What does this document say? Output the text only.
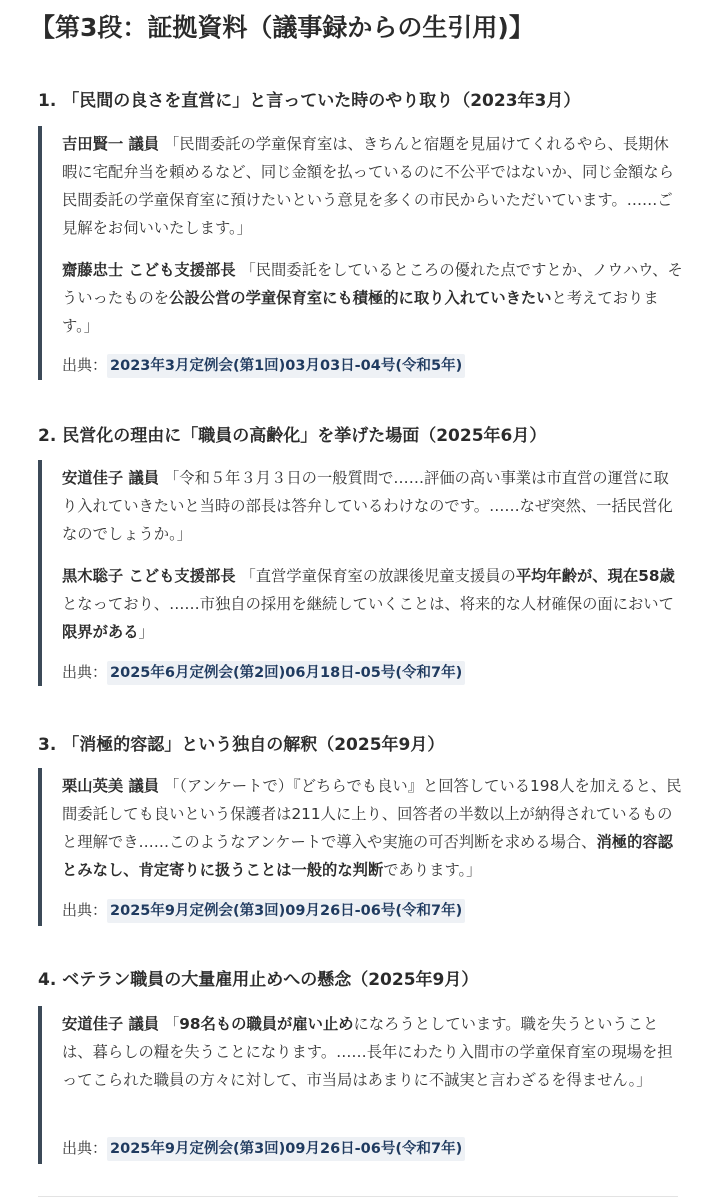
【第3段：証拠資料（議事録からの生引用)】
1. 「民間の良さを直営に」と言っていた時のやり取り（2023年3月）

吉田賢一 議員 「民間委託の学童保育室は、きちんと宿題を見届けてくれるやら、長期休暇に宅配弁当を頼めるなど、同じ金額を払っているのに不公平ではないか、同じ金額なら民間委託の学童保育室に預けたいという意見を多くの市民からいただいています。……ご見解をお伺いいたします。」

齋藤忠士 こども支援部長 「民間委託をしているところの優れた点ですとか、ノウハウ、そういったものを公設公営の学童保育室にも積極的に取り入れていきたいと考えております。」

出典： 2023年3月定例会(第1回)03月03日-04号(令和5年)
2. 民営化の理由に「職員の高齢化」を挙げた場面（2025年6月）

安道佳子 議員 「令和５年３月３日の一般質問で……評価の高い事業は市直営の運営に取り入れていきたいと当時の部長は答弁しているわけなのです。……なぜ突然、一括民営化なのでしょうか。」

黒木聡子 こども支援部長 「直営学童保育室の放課後児童支援員の平均年齢が、現在58歳となっており、……市独自の採用を継続していくことは、将来的な人材確保の面において限界がある」

出典： 2025年6月定例会(第2回)06月18日-05号(令和7年)
3. 「消極的容認」という独自の解釈（2025年9月）

栗山英美 議員 「（アンケートで）『どちらでも良い』と回答している198人を加えると、民間委託しても良いという保護者は211人に上り、回答者の半数以上が納得されているものと理解でき……このようなアンケートで導入や実施の可否判断を求める場合、消極的容認とみなし、肯定寄りに扱うことは一般的な判断であります。」

出典： 2025年9月定例会(第3回)09月26日-06号(令和7年)
4. ベテラン職員の大量雇用止めへの懸念（2025年9月）

安道佳子 議員 「98名もの職員が雇い止めになろうとしています。職を失うということは、暮らしの糧を失うことになります。……長年にわたり入間市の学童保育室の現場を担ってこられた職員の方々に対して、市当局はあまりに不誠実と言わざるを得ません。」

出典： 2025年9月定例会(第3回)09月26日-06号(令和7年)
